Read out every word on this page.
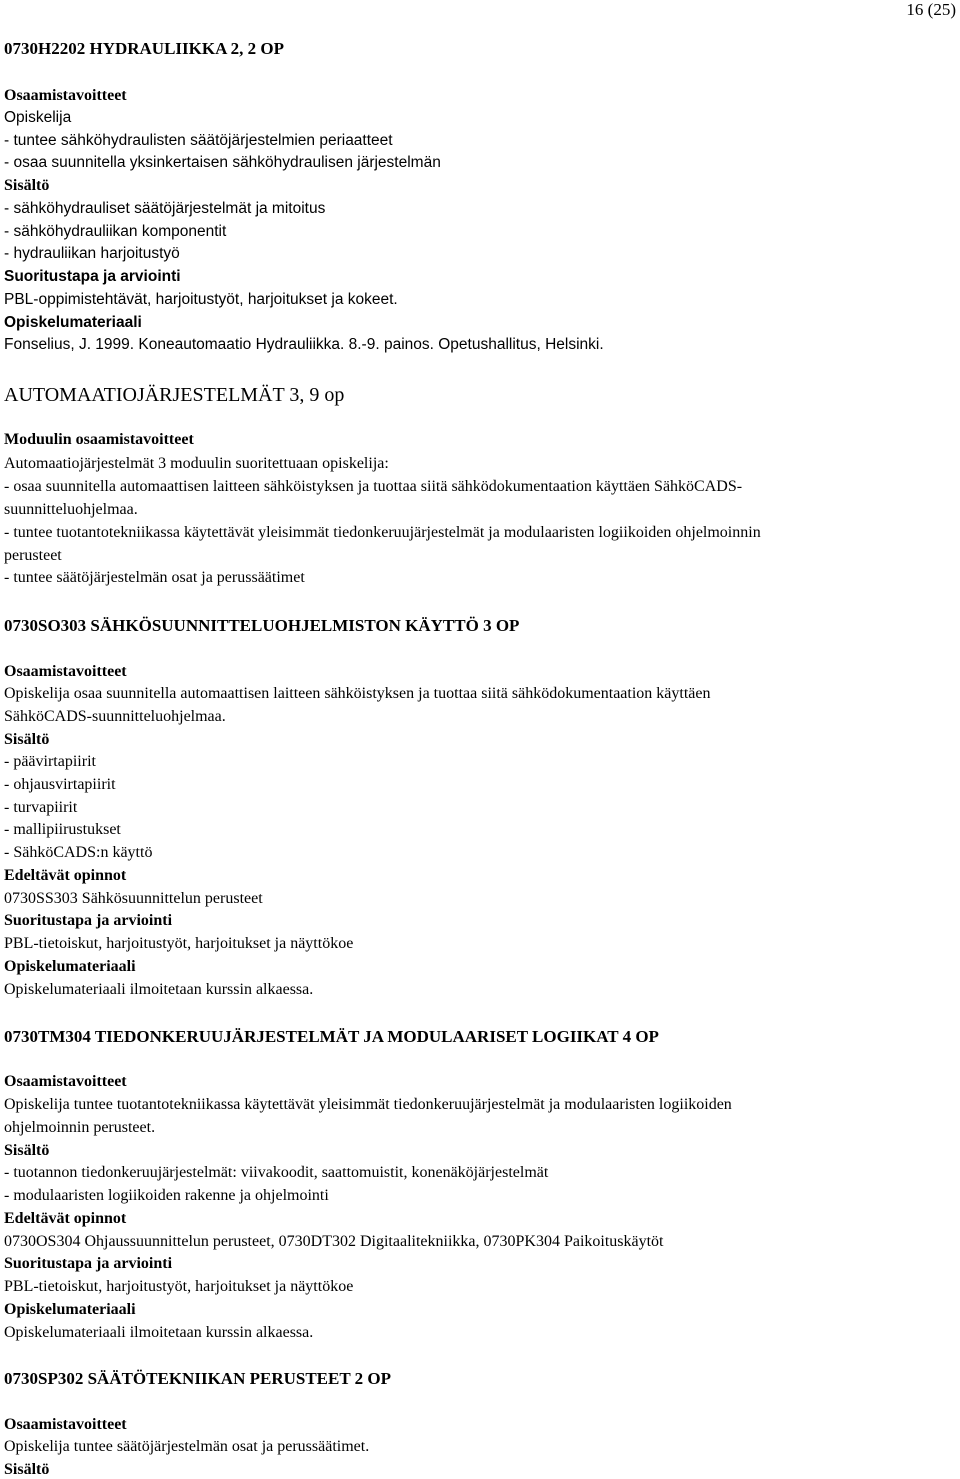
16 (25)
0730H2202 HYDRAULIIKKA 2, 2 OP
Osaamistavoitteet
Opiskelija
- tuntee sähköhydraulisten säätöjärjestelmien periaatteet
- osaa suunnitella yksinkertaisen sähköhydraulisen järjestelmän
Sisältö
- sähköhydrauliset säätöjärjestelmät ja mitoitus
- sähköhydrauliikan komponentit
- hydrauliikan harjoitustyö
Suoritustapa ja arviointi
PBL-oppimistehtävät, harjoitustyöt, harjoitukset ja kokeet.
Opiskelumateriaali
Fonselius, J. 1999. Koneautomaatio Hydrauliikka. 8.-9. painos. Opetushallitus, Helsinki.
AUTOMAATIOJÄRJESTELMÄT 3, 9 op
Moduulin osaamistavoitteet
Automaatiojärjestelmät 3 moduulin suoritettuaan opiskelija:
- osaa suunnitella automaattisen laitteen sähköistyksen ja tuottaa siitä sähködokumentaation käyttäen SähköCADS-
suunnitteluohjelmaa.
- tuntee tuotantotekniikassa käytettävät yleisimmät tiedonkeruujärjestelmät ja modulaaristen logiikoiden ohjelmoinnin
perusteet
- tuntee säätöjärjestelmän osat ja perussäätimet
0730SO303 SÄHKÖSUUNNITTELUOHJELMISTON KÄYTTÖ 3 OP
Osaamistavoitteet
Opiskelija osaa suunnitella automaattisen laitteen sähköistyksen ja tuottaa siitä sähködokumentaation käyttäen
SähköCADS-suunnitteluohjelmaa.
Sisältö
- päävirtapiirit
- ohjausvirtapiirit
- turvapiirit
- mallipiirustukset
- SähköCADS:n käyttö
Edeltävät opinnot
0730SS303 Sähkösuunnittelun perusteet
Suoritustapa ja arviointi
PBL-tietoiskut, harjoitustyöt, harjoitukset ja näyttökoe
Opiskelumateriaali
Opiskelumateriaali ilmoitetaan kurssin alkaessa.
0730TM304 TIEDONKERUUJÄRJESTELMÄT JA MODULAARISET LOGIIKAT 4 OP
Osaamistavoitteet
Opiskelija tuntee tuotantotekniikassa käytettävät yleisimmät tiedonkeruujärjestelmät ja modulaaristen logiikoiden
ohjelmoinnin perusteet.
Sisältö
- tuotannon tiedonkeruujärjestelmät: viivakoodit, saattomuistit, konenäköjärjestelmät
- modulaaristen logiikoiden rakenne ja ohjelmointi
Edeltävät opinnot
0730OS304 Ohjaussuunnittelun perusteet, 0730DT302 Digitaalitekniikka, 0730PK304 Paikoituskäytöt
Suoritustapa ja arviointi
PBL-tietoiskut, harjoitustyöt, harjoitukset ja näyttökoe
Opiskelumateriaali
Opiskelumateriaali ilmoitetaan kurssin alkaessa.
0730SP302 SÄÄTÖTEKNIIKAN PERUSTEET 2 OP
Osaamistavoitteet
Opiskelija tuntee säätöjärjestelmän osat ja perussäätimet.
Sisältö
